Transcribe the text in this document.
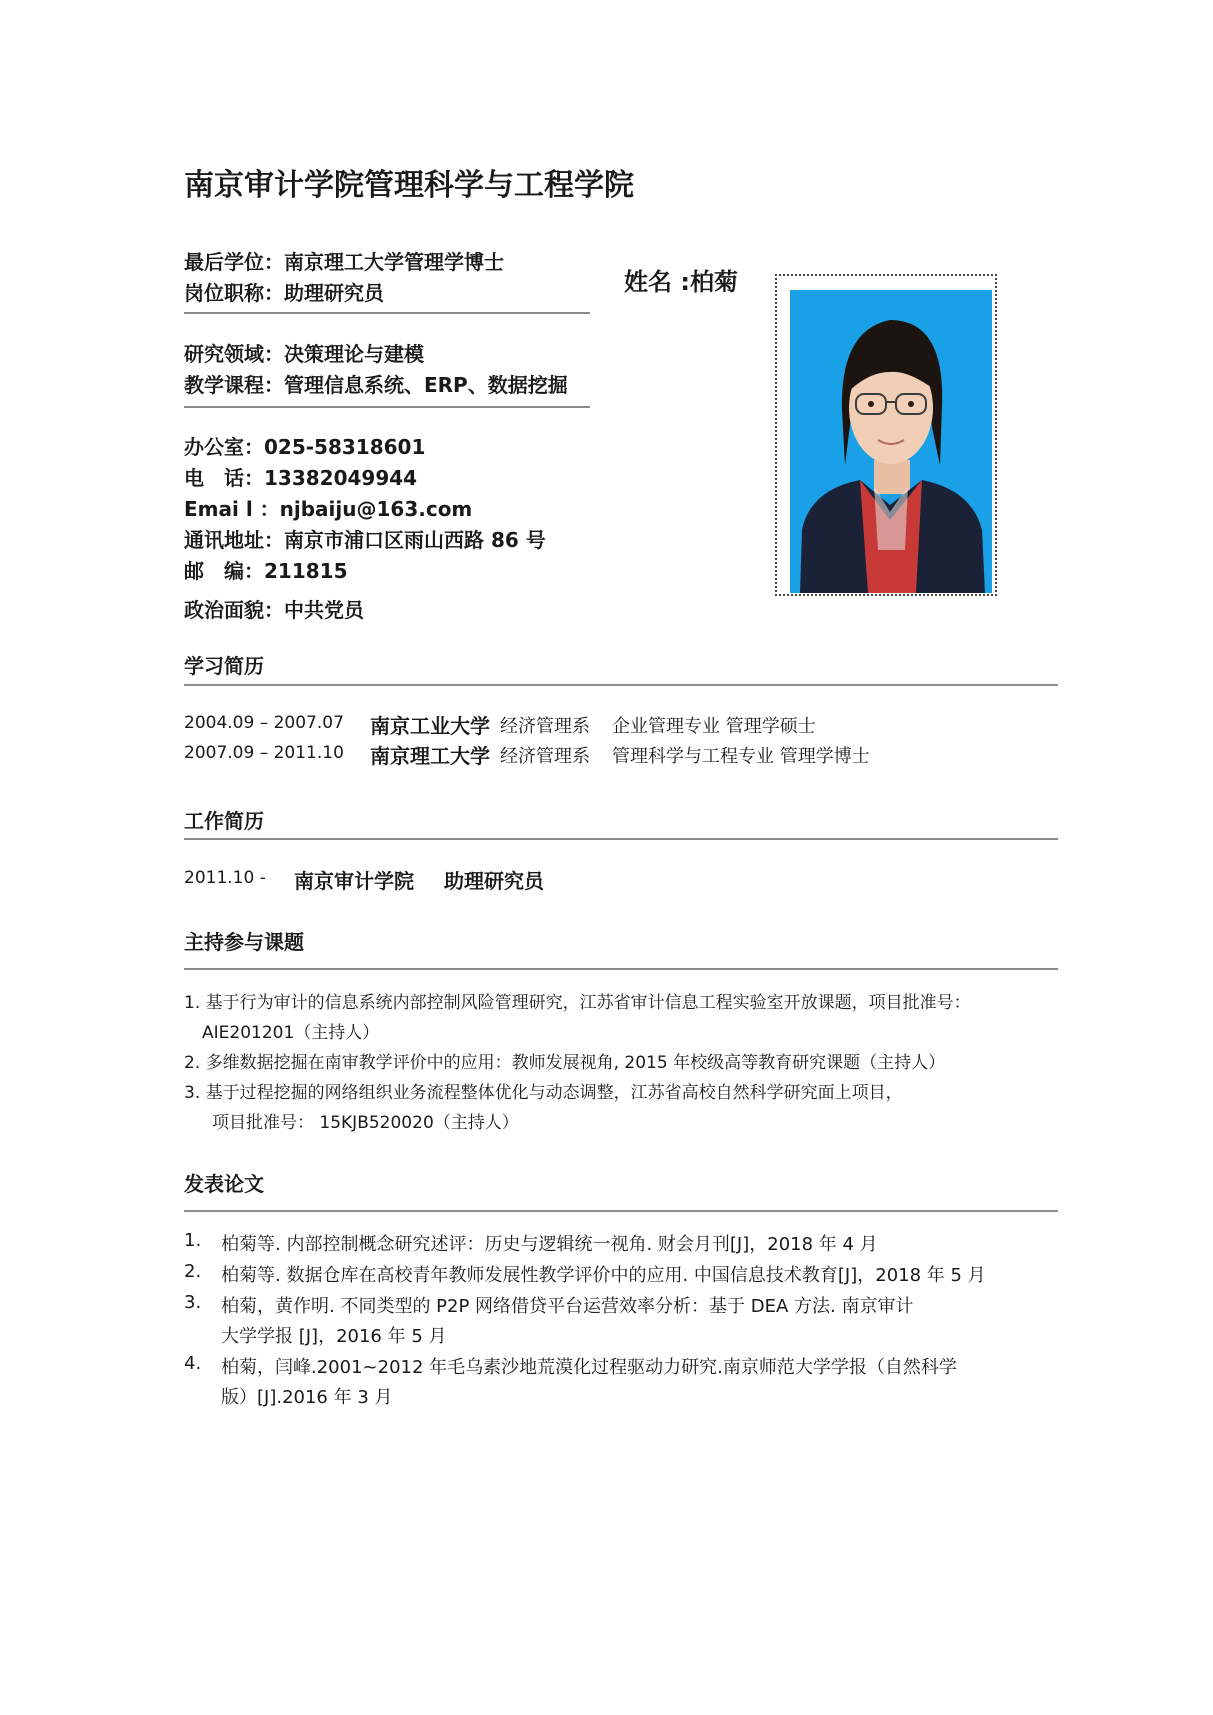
南京审计学院管理科学与工程学院
最后学位：南京理工大学管理学博士
岗位职称：助理研究员	姓名 :柏菊
研究领域：决策理论与建模
教学课程：管理信息系统、ERP、数据挖掘
办公室：025-58318601
电　话：13382049944
Emai l ：njbaiju@163.com
通讯地址：南京市浦口区雨山西路 86 号
邮　编：211815
政治面貌：中共党员
学习简历
2004.09 – 2007.07 南京工业大学 经济管理系 企业管理专业 管理学硕士
2007.09 – 2011.10 南京理工大学 经济管理系 管理科学与工程专业 管理学博士
工作简历
2011.10 - 南京审计学院 助理研究员
主持参与课题
1. 基于行为审计的信息系统内部控制风险管理研究，江苏省审计信息工程实验室开放课题，项目批准号：
AIE201201（主持人）
2. 多维数据挖掘在南审教学评价中的应用：教师发展视角, 2015 年校级高等教育研究课题（主持人）
3. 基于过程挖掘的网络组织业务流程整体优化与动态调整，江苏省高校自然科学研究面上项目，
项目批准号： 15KJB520020（主持人）
发表论文
1. 柏菊等. 内部控制概念研究述评：历史与逻辑统一视角. 财会月刊[J]，2018 年 4 月
2. 柏菊等. 数据仓库在高校青年教师发展性教学评价中的应用. 中国信息技术教育[J]，2018 年 5 月
3. 柏菊，黄作明. 不同类型的 P2P 网络借贷平台运营效率分析：基于 DEA 方法. 南京审计
大学学报 [J]，2016 年 5 月
4. 柏菊，闫峰.2001~2012 年毛乌素沙地荒漠化过程驱动力研究.南京师范大学学报（自然科学
版）[J].2016 年 3 月
